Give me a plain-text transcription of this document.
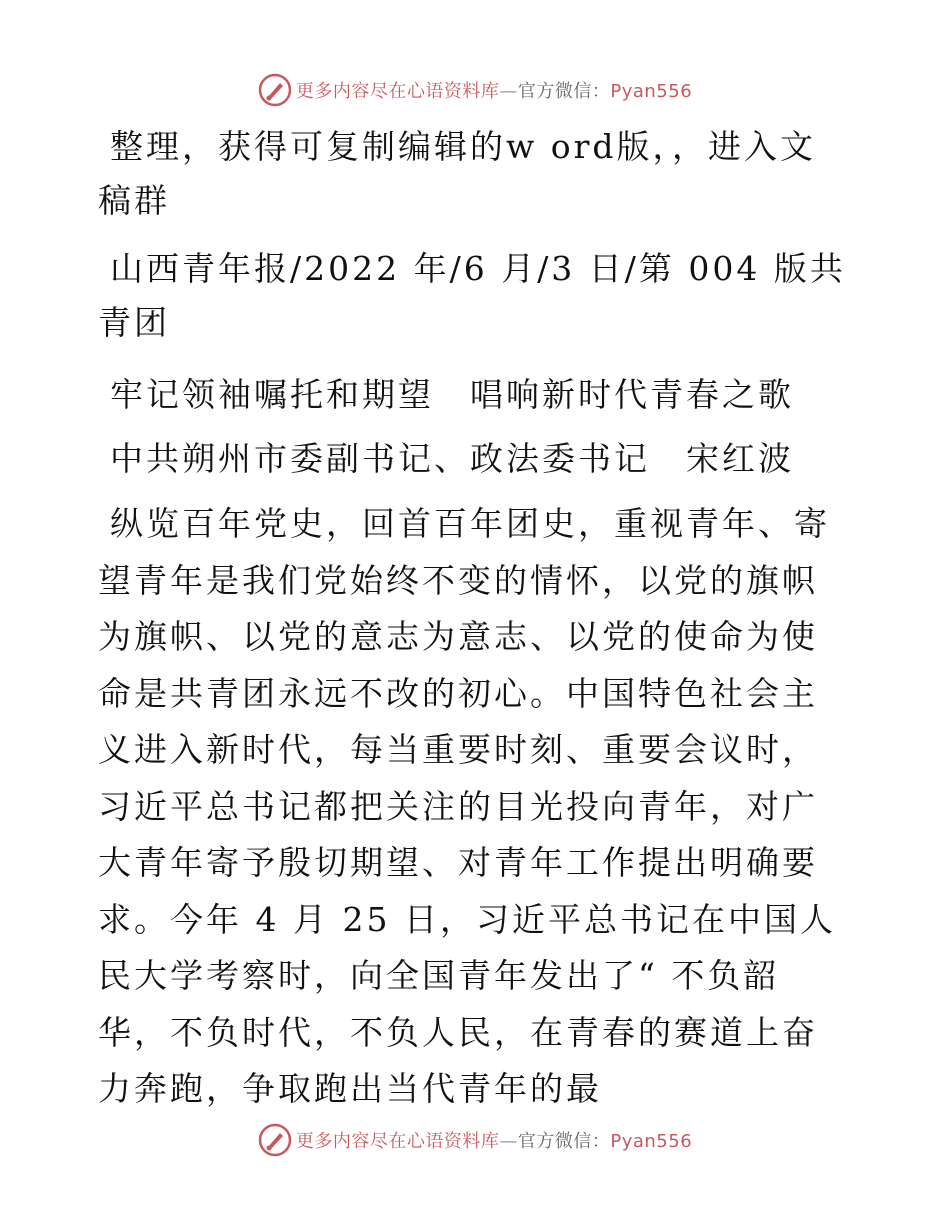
更多内容尽在心语资料库—官方微信：Pyan556

整理，获得可复制编辑的w ord版，，进入文稿群

山西青年报/2022 年/6 月/3 日/第 004 版共青团

牢记领袖嘱托和期望　唱响新时代青春之歌

中共朔州市委副书记、政法委书记　宋红波

纵览百年党史，回首百年团史，重视青年、寄望青年是我们党始终不变的情怀，以党的旗帜为旗帜、以党的意志为意志、以党的使命为使命是共青团永远不改的初心。中国特色社会主义进入新时代，每当重要时刻、重要会议时，习近平总书记都把关注的目光投向青年，对广大青年寄予殷切期望、对青年工作提出明确要求。今年 4 月 25 日，习近平总书记在中国人民大学考察时，向全国青年发出了“ 不负韶华，不负时代，不负人民，在青春的赛道上奋力奔跑，争取跑出当代青年的最

更多内容尽在心语资料库—官方微信：Pyan556
